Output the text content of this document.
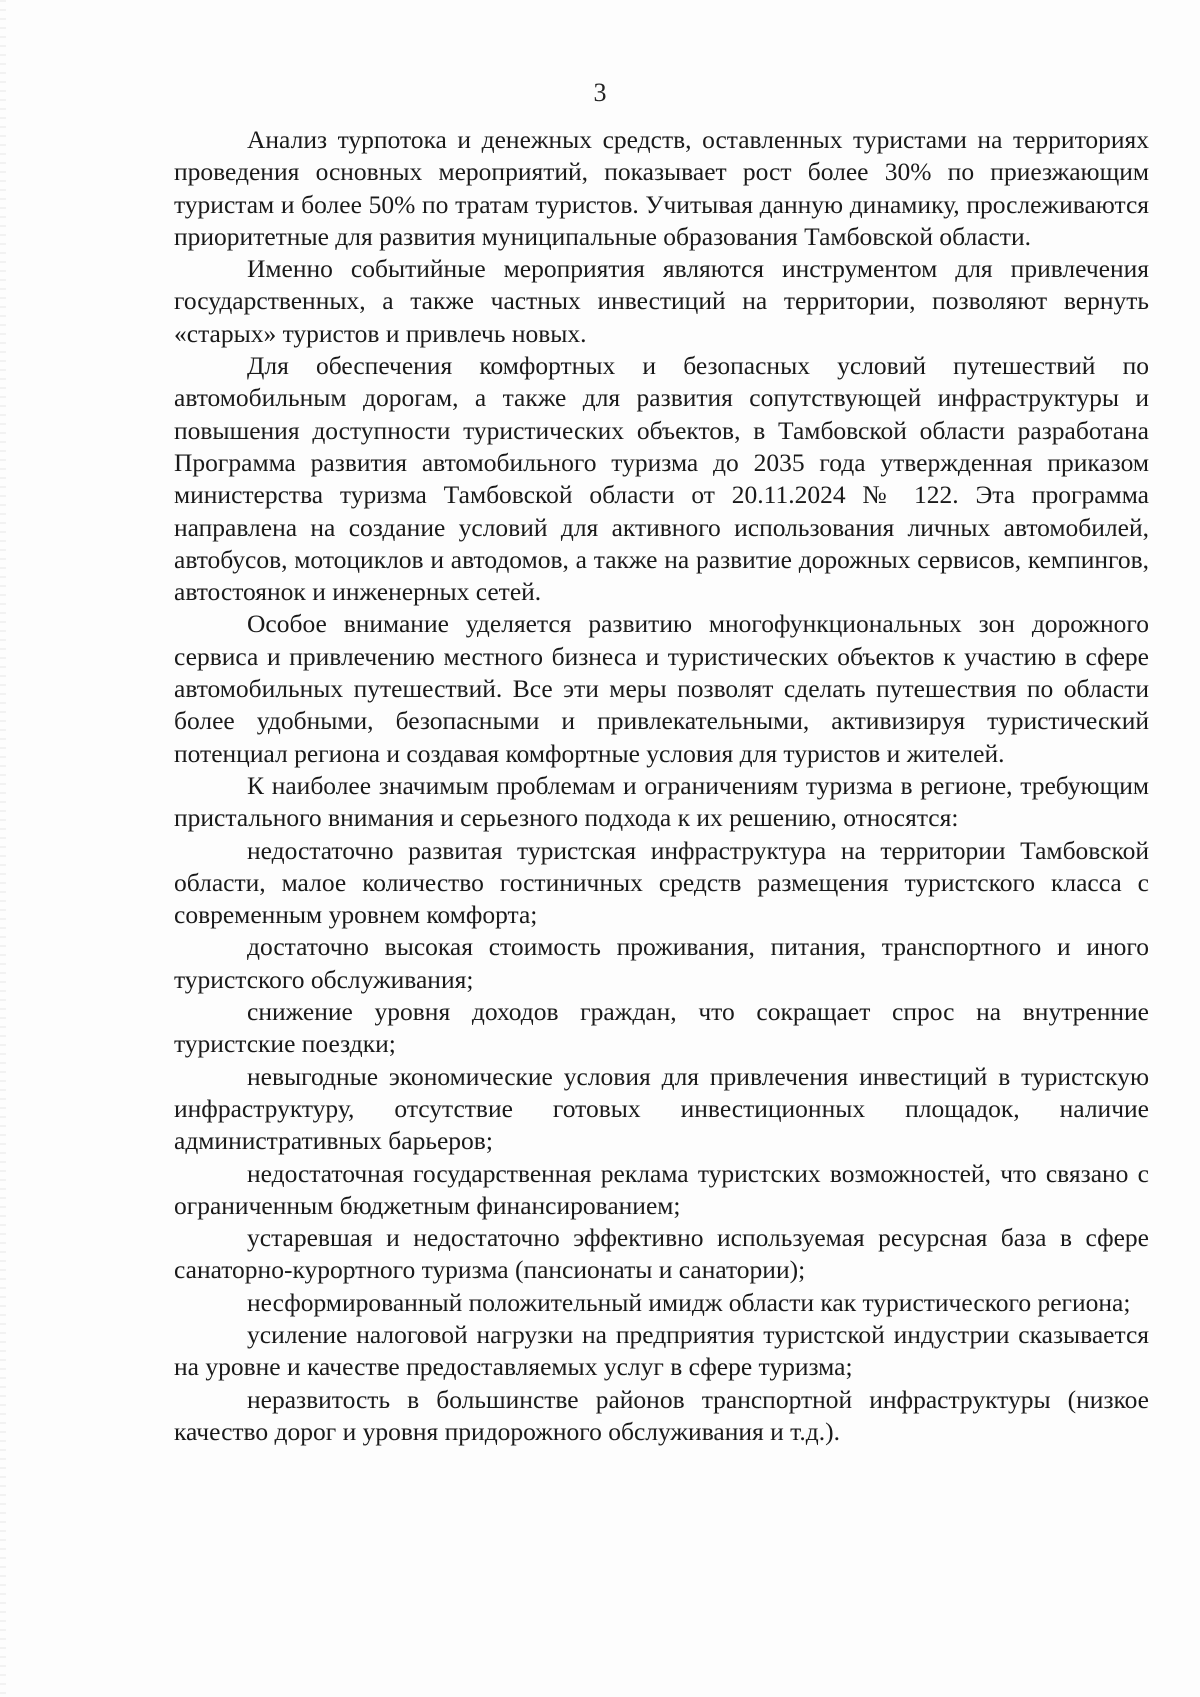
3

Анализ турпотока и денежных средств, оставленных туристами на территориях проведения основных мероприятий, показывает рост более 30% по приезжающим туристам и более 50% по тратам туристов. Учитывая данную динамику, прослеживаются приоритетные для развития муниципальные образования Тамбовской области.

Именно событийные мероприятия являются инструментом для привлечения государственных, а также частных инвестиций на территории, позволяют вернуть «старых» туристов и привлечь новых.

Для обеспечения комфортных и безопасных условий путешествий по автомобильным дорогам, а также для развития сопутствующей инфраструктуры и повышения доступности туристических объектов, в Тамбовской области разработана Программа развития автомобильного туризма до 2035 года утвержденная приказом министерства туризма Тамбовской области от 20.11.2024 № 122. Эта программа направлена на создание условий для активного использования личных автомобилей, автобусов, мотоциклов и автодомов, а также на развитие дорожных сервисов, кемпингов, автостоянок и инженерных сетей.

Особое внимание уделяется развитию многофункциональных зон дорожного сервиса и привлечению местного бизнеса и туристических объектов к участию в сфере автомобильных путешествий. Все эти меры позволят сделать путешествия по области более удобными, безопасными и привлекательными, активизируя туристический потенциал региона и создавая комфортные условия для туристов и жителей.

К наиболее значимым проблемам и ограничениям туризма в регионе, требующим пристального внимания и серьезного подхода к их решению, относятся:

недостаточно развитая туристская инфраструктура на территории Тамбовской области, малое количество гостиничных средств размещения туристского класса с современным уровнем комфорта;

достаточно высокая стоимость проживания, питания, транспортного и иного туристского обслуживания;

снижение уровня доходов граждан, что сокращает спрос на внутренние туристские поездки;

невыгодные экономические условия для привлечения инвестиций в туристскую инфраструктуру, отсутствие готовых инвестиционных площадок, наличие административных барьеров;

недостаточная государственная реклама туристских возможностей, что связано с ограниченным бюджетным финансированием;

устаревшая и недостаточно эффективно используемая ресурсная база в сфере санаторно-курортного туризма (пансионаты и санатории);

несформированный положительный имидж области как туристического региона;

усиление налоговой нагрузки на предприятия туристской индустрии сказывается на уровне и качестве предоставляемых услуг в сфере туризма;

неразвитость в большинстве районов транспортной инфраструктуры (низкое качество дорог и уровня придорожного обслуживания и т.д.).
